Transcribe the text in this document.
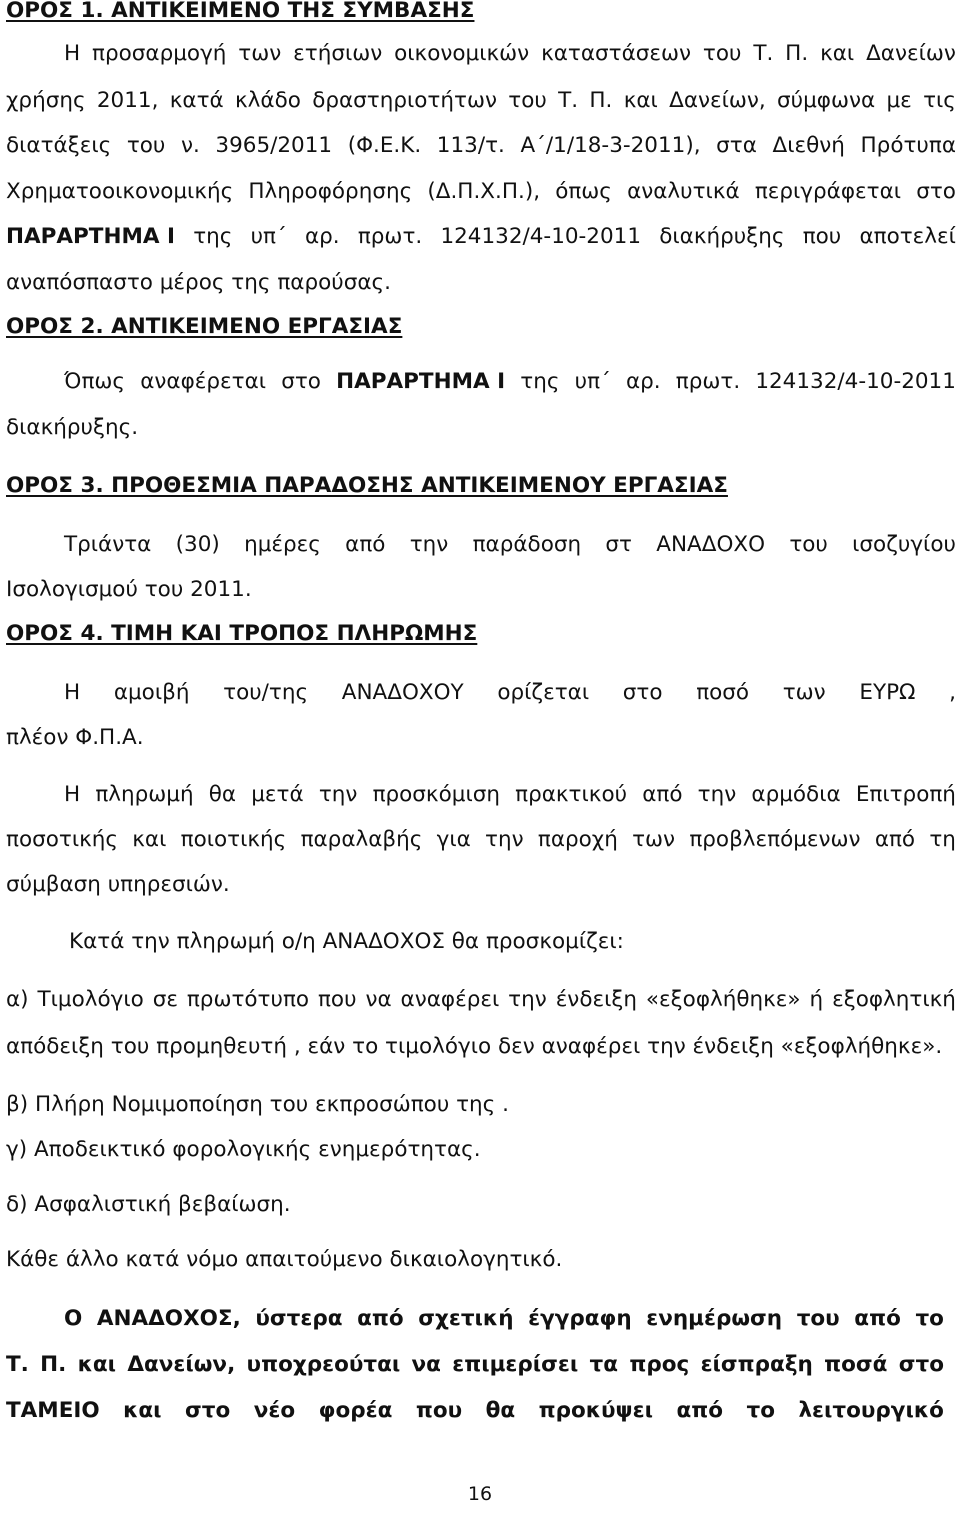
ΟΡΟΣ 1. ΑΝΤΙΚΕΙΜΕΝΟ ΤΗΣ ΣΥΜΒΑΣΗΣ
Η προσαρμογή των ετήσιων οικονομικών καταστάσεων του Τ. Π. και Δανείων
χρήσης 2011, κατά κλάδο δραστηριοτήτων του Τ. Π. και Δανείων, σύμφωνα με τις
διατάξεις του ν. 3965/2011 (Φ.Ε.Κ. 113/τ. Α΄/1/18-3-2011), στα Διεθνή Πρότυπα
Χρηματοοικονομικής Πληροφόρησης (Δ.Π.Χ.Π.), όπως αναλυτικά περιγράφεται στο
ΠΑΡΑΡΤΗΜΑ Ι της υπ΄ αρ. πρωτ. 124132/4-10-2011 διακήρυξης που αποτελεί
αναπόσπαστο μέρος της παρούσας.
ΟΡΟΣ 2. ΑΝΤΙΚΕΙΜΕΝΟ ΕΡΓΑΣΙΑΣ
Όπως αναφέρεται στο ΠΑΡΑΡΤΗΜΑ Ι της υπ΄ αρ. πρωτ. 124132/4-10-2011
διακήρυξης.
ΟΡΟΣ 3. ΠΡΟΘΕΣΜΙΑ ΠΑΡΑΔΟΣΗΣ ΑΝΤΙΚΕΙΜΕΝΟΥ ΕΡΓΑΣΙΑΣ
Τριάντα (30) ημέρες από την παράδοση στ ΑΝΑΔΟΧΟ του ισοζυγίου
Ισολογισμού του 2011.
ΟΡΟΣ 4. ΤΙΜΗ ΚΑΙ ΤΡΟΠΟΣ ΠΛΗΡΩΜΗΣ
Η αμοιβή του/της ΑΝΑΔΟΧΟΥ ορίζεται στο ποσό των ΕΥΡΩ ,
πλέον Φ.Π.Α.
Η πληρωμή θα μετά την προσκόμιση πρακτικού από την αρμόδια Επιτροπή
ποσοτικής και ποιοτικής παραλαβής για την παροχή των προβλεπόμενων από τη
σύμβαση υπηρεσιών.
Κατά την πληρωμή ο/η ΑΝΑΔΟΧΟΣ θα προσκομίζει:
α) Τιμολόγιο σε πρωτότυπο που να αναφέρει την ένδειξη «εξοφλήθηκε» ή εξοφλητική
απόδειξη του προμηθευτή , εάν το τιμολόγιο δεν αναφέρει την ένδειξη «εξοφλήθηκε».
β) Πλήρη Νομιμοποίηση του εκπροσώπου της .
γ) Αποδεικτικό φορολογικής ενημερότητας.
δ) Ασφαλιστική βεβαίωση.
Κάθε άλλο κατά νόμο απαιτούμενο δικαιολογητικό.
Ο ΑΝΑΔΟΧΟΣ, ύστερα από σχετική έγγραφη ενημέρωση του από το
Τ. Π. και Δανείων, υποχρεούται να επιμερίσει τα προς είσπραξη ποσά στο
ΤΑΜΕΙΟ και στο νέο φορέα που θα προκύψει από το λειτουργικό
16
